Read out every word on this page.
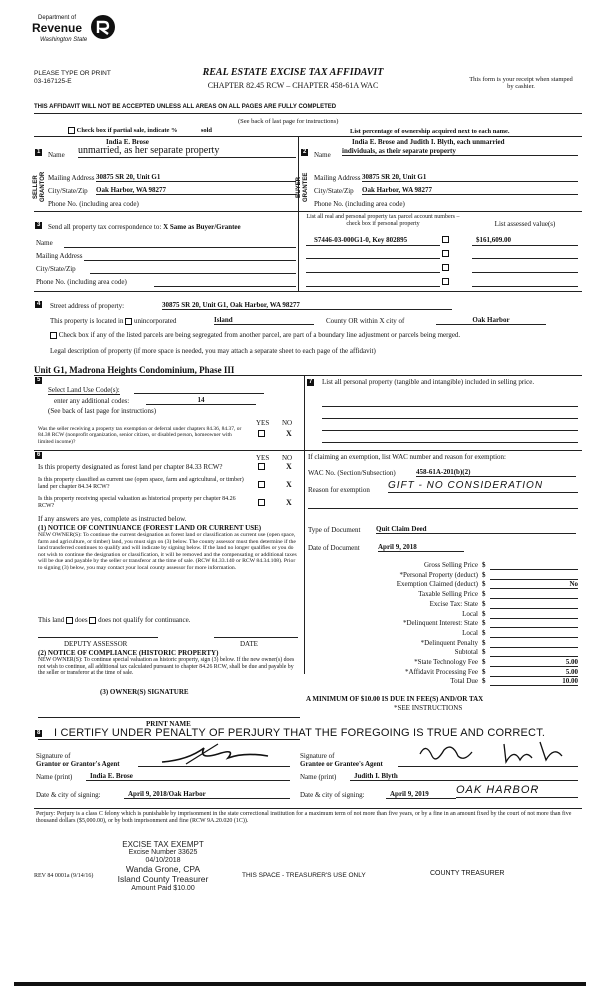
Department of
Revenue
Washington State
PLEASE TYPE OR PRINT
03-167125-E
REAL ESTATE EXCISE TAX AFFIDAVIT
CHAPTER 82.45 RCW – CHAPTER 458-61A WAC
This form is your receipt when stamped by cashier.
THIS AFFIDAVIT WILL NOT BE ACCEPTED UNLESS ALL AREAS ON ALL PAGES ARE FULLY COMPLETED
(See back of last page for instructions)
Check box if partial sale, indicate %	sold	List percentage of ownership acquired next to each name.
SELLER GRANTOR
1
India E. Brose
Name unmarried, as her separate property
Mailing Address 30875 SR 20, Unit G1
City/State/Zip Oak Harbor, WA 98277
Phone No. (including area code)
BUYER GRANTEE
2
India E. Brose and Judith I. Blyth, each unmarried
Name individuals, as their separate property
Mailing Address 30875 SR 20, Unit G1
City/State/Zip Oak Harbor, WA 98277
Phone No. (including area code)
3 Send all property tax correspondence to: X Same as Buyer/Grantee
Name
Mailing Address
City/State/Zip
Phone No. (including area code)
List all real and personal property tax parcel account numbers – check box if personal property	List assessed value(s)
S7446-03-000G1-0, Key 802895	$161,609.00
4 Street address of property:	30875 SR 20, Unit G1, Oak Harbor, WA 98277
This property is located in unincorporated	Island	County OR within X city of	Oak Harbor
Check box if any of the listed parcels are being segregated from another parcel, are part of a boundary line adjustment or parcels being merged.
Legal description of property (if more space is needed, you may attach a separate sheet to each page of the affidavit)
Unit G1, Madrona Heights Condominium, Phase III
5
Select Land Use Code(s):
enter any additional codes:	14
(See back of last page for instructions)
YES NO
Was the seller receiving a property tax exemption or deferral under chapters 84.36, 84.37, or 84.38 RCW (nonprofit organization, senior citizen, or disabled person, homeowner with limited income)?
X
6	YES NO
Is this property designated as forest land per chapter 84.33 RCW?	X
Is this property classified as current use (open space, farm and agricultural, or timber) land per chapter 84.34 RCW?	X
Is this property receiving special valuation as historical property per chapter 84.26 RCW?	X
If any answers are yes, complete as instructed below.
(1) NOTICE OF CONTINUANCE (FOREST LAND OR CURRENT USE)
NEW OWNER(S): To continue the current designation as forest land or classification as current use (open space, farm and agriculture, or timber) land, you must sign on (3) below. The county assessor must then determine if the land transferred continues to qualify and will indicate by signing below. If the land no longer qualifies or you do not wish to continue the designation or classification, it will be removed and the compensating or additional taxes will be due and payable by the seller or transferor at the time of sale. (RCW 84.33.140 or RCW 84.34.108). Prior to signing (3) below, you may contact your local county assessor for more information.
This land does does not qualify for continuance.
DEPUTY ASSESSOR	DATE
(2) NOTICE OF COMPLIANCE (HISTORIC PROPERTY)
NEW OWNER(S): To continue special valuation as historic property, sign (3) below. If the new owner(s) does not wish to continue, all additional tax calculated pursuant to chapter 84.26 RCW, shall be due and payable by the seller or transferor at the time of sale.
(3) OWNER(S) SIGNATURE
PRINT NAME
7 List all personal property (tangible and intangible) included in selling price.
If claiming an exemption, list WAC number and reason for exemption:
WAC No. (Section/Subsection)	458-61A-201(b)(2)
Reason for exemption GIFT - NO CONSIDERATION
Type of Document Quit Claim Deed
Date of Document	April 9, 2018
Gross Selling Price $
*Personal Property (deduct) $
Exemption Claimed (deduct) $	No
Taxable Selling Price $
Excise Tax: State $
Local $
*Delinquent Interest: State $
Local $
*Delinquent Penalty $
Subtotal $
*State Technology Fee $	5.00
*Affidavit Processing Fee $	5.00
Total Due $	10.00
A MINIMUM OF $10.00 IS DUE IN FEE(S) AND/OR TAX
*SEE INSTRUCTIONS
8 I CERTIFY UNDER PENALTY OF PERJURY THAT THE FOREGOING IS TRUE AND CORRECT.
Signature of
Grantor or Grantor's Agent
Signature of
Grantee or Grantee's Agent
Name (print)	India E. Brose	Name (print)	Judith I. Blyth
Date & city of signing:	April 9, 2018/Oak Harbor	Date & city of signing:	April 9, 2019	OAK HARBOR
Perjury: Perjury is a class C felony which is punishable by imprisonment in the state correctional institution for a maximum term of not more than five years, or by a fine in an amount fixed by the court of not more than five thousand dollars ($5,000.00), or by both imprisonment and fine (RCW 9A.20.020 (1C)).
EXCISE TAX EXEMPT
Excise Number 33625
04/10/2018
Wanda Grone, CPA
Island County Treasurer
Amount Paid $10.00
REV 84 0001a (9/14/16)	THIS SPACE - TREASURER'S USE ONLY	COUNTY TREASURER
